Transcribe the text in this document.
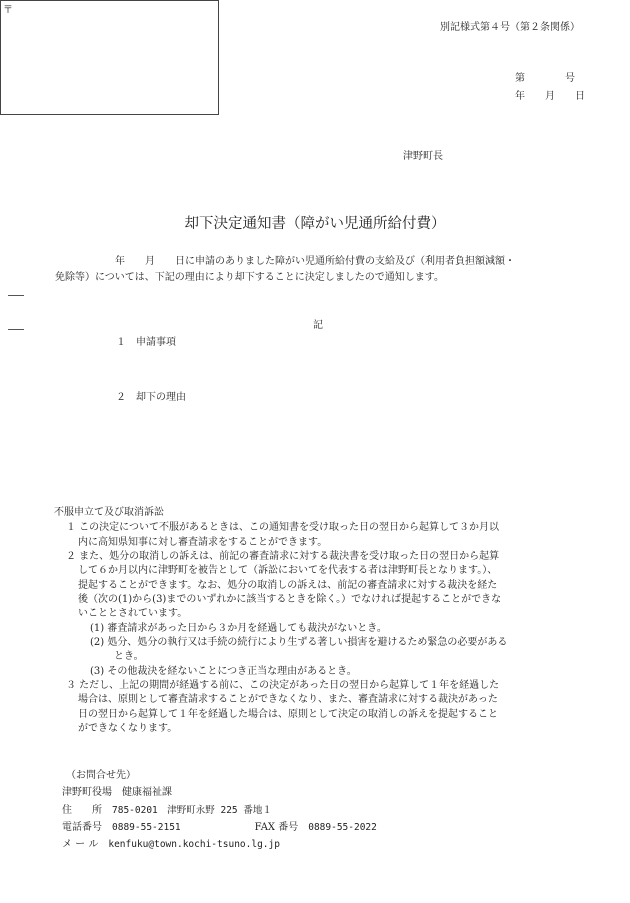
〒
別記様式第４号（第２条関係）
第　　　　号
年　　月　　日
津野町長
却下決定通知書（障がい児通所給付費）
　　　　　　年　　月　　日に申請のありました障がい児通所給付費の支給及び（利用者負担額減額・
免除等）については、下記の理由により却下することに決定しましたので通知します。
記
１　申請事項
２　却下の理由
不服申立て及び取消訴訟
１ この決定について不服があるときは、この通知書を受け取った日の翌日から起算して３か月以
内に高知県知事に対し審査請求をすることができます。
２ また、処分の取消しの訴えは、前記の審査請求に対する裁決書を受け取った日の翌日から起算
して６か月以内に津野町を被告として（訴訟においてを代表する者は津野町長となります。）、
提起することができます。なお、処分の取消しの訴えは、前記の審査請求に対する裁決を経た
後（次の(1)から(3)までのいずれかに該当するときを除く。）でなければ提起することができな
いこととされています。
(1) 審査請求があった日から３か月を経過しても裁決がないとき。
(2) 処分、処分の執行又は手続の続行により生ずる著しい損害を避けるため緊急の必要がある
とき。
(3) その他裁決を経ないことにつき正当な理由があるとき。
３ ただし、上記の期間が経過する前に、この決定があった日の翌日から起算して１年を経過した
場合は、原則として審査請求することができなくなり、また、審査請求に対する裁決があった
日の翌日から起算して１年を経過した場合は、原則として決定の取消しの訴えを提起すること
ができなくなります。
（お問合せ先）
津野町役場　健康福祉課
住　　所 785-0201　津野町永野 225 番地１
電話番号 0889-55-2151	FAX 番号 0889-55-2022
メ ー ル kenfuku@town.kochi-tsuno.lg.jp
